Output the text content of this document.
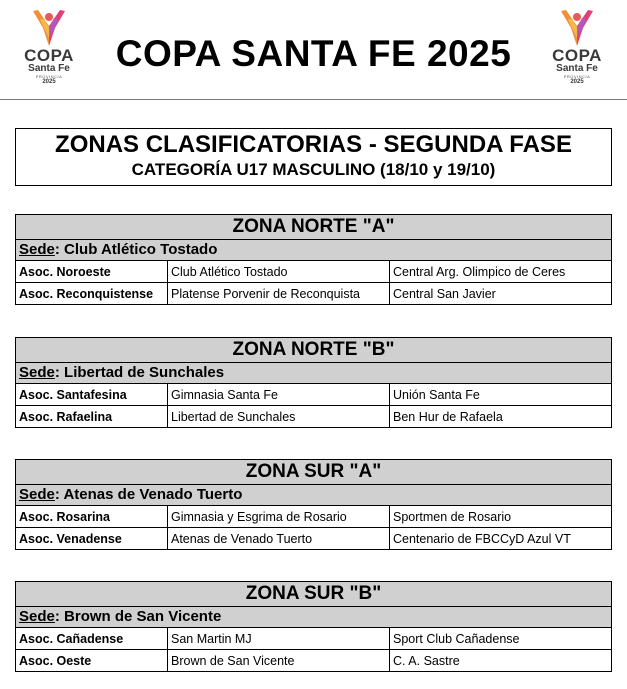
COPA
Santa Fe
PROVINCIA
2025
COPA SANTA FE 2025	COPA
Santa Fe
PROVINCIA
2025
ZONAS CLASIFICATORIAS - SEGUNDA FASE
CATEGORÍA U17 MASCULINO (18/10 y 19/10)
ZONA NORTE "A"		
Sede: Club Atlético Tostado		
Asoc. Noroeste	Club Atlético Tostado	Central Arg. Olimpico de Ceres
Asoc. Reconquistense	Platense Porvenir de Reconquista	Central San Javier
ZONA NORTE "B"		
Sede: Libertad de Sunchales		
Asoc. Santafesina	Gimnasia Santa Fe	Unión Santa Fe
Asoc. Rafaelina	Libertad de Sunchales	Ben Hur de Rafaela
ZONA SUR "A"		
Sede: Atenas de Venado Tuerto		
Asoc. Rosarina	Gimnasia y Esgrima de Rosario	Sportmen de Rosario
Asoc. Venadense	Atenas de Venado Tuerto	Centenario de FBCCyD Azul VT
ZONA SUR "B"		
Sede: Brown de San Vicente		
Asoc. Cañadense	San Martin MJ	Sport Club Cañadense
Asoc. Oeste	Brown de San Vicente	C. A. Sastre
